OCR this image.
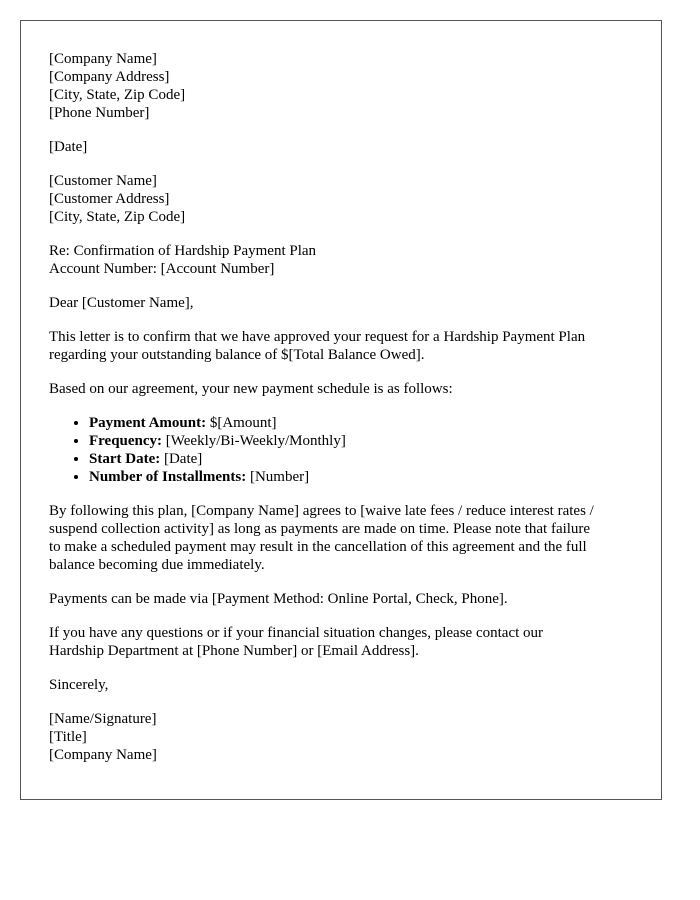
[Company Name]
[Company Address]
[City, State, Zip Code]
[Phone Number]
[Date]
[Customer Name]
[Customer Address]
[City, State, Zip Code]
Re: Confirmation of Hardship Payment Plan
Account Number: [Account Number]

Dear [Customer Name],

This letter is to confirm that we have approved your request for a Hardship Payment Plan
regarding your outstanding balance of $[Total Balance Owed].

Based on our agreement, your new payment schedule is as follows:

• Payment Amount: $[Amount]
• Frequency: [Weekly/Bi-Weekly/Monthly]
• Start Date: [Date]
• Number of Installments: [Number]

By following this plan, [Company Name] agrees to [waive late fees / reduce interest rates /
suspend collection activity] as long as payments are made on time. Please note that failure
to make a scheduled payment may result in the cancellation of this agreement and the full
balance becoming due immediately.

Payments can be made via [Payment Method: Online Portal, Check, Phone].

If you have any questions or if your financial situation changes, please contact our
Hardship Department at [Phone Number] or [Email Address].

Sincerely,

[Name/Signature]
[Title]
[Company Name]
